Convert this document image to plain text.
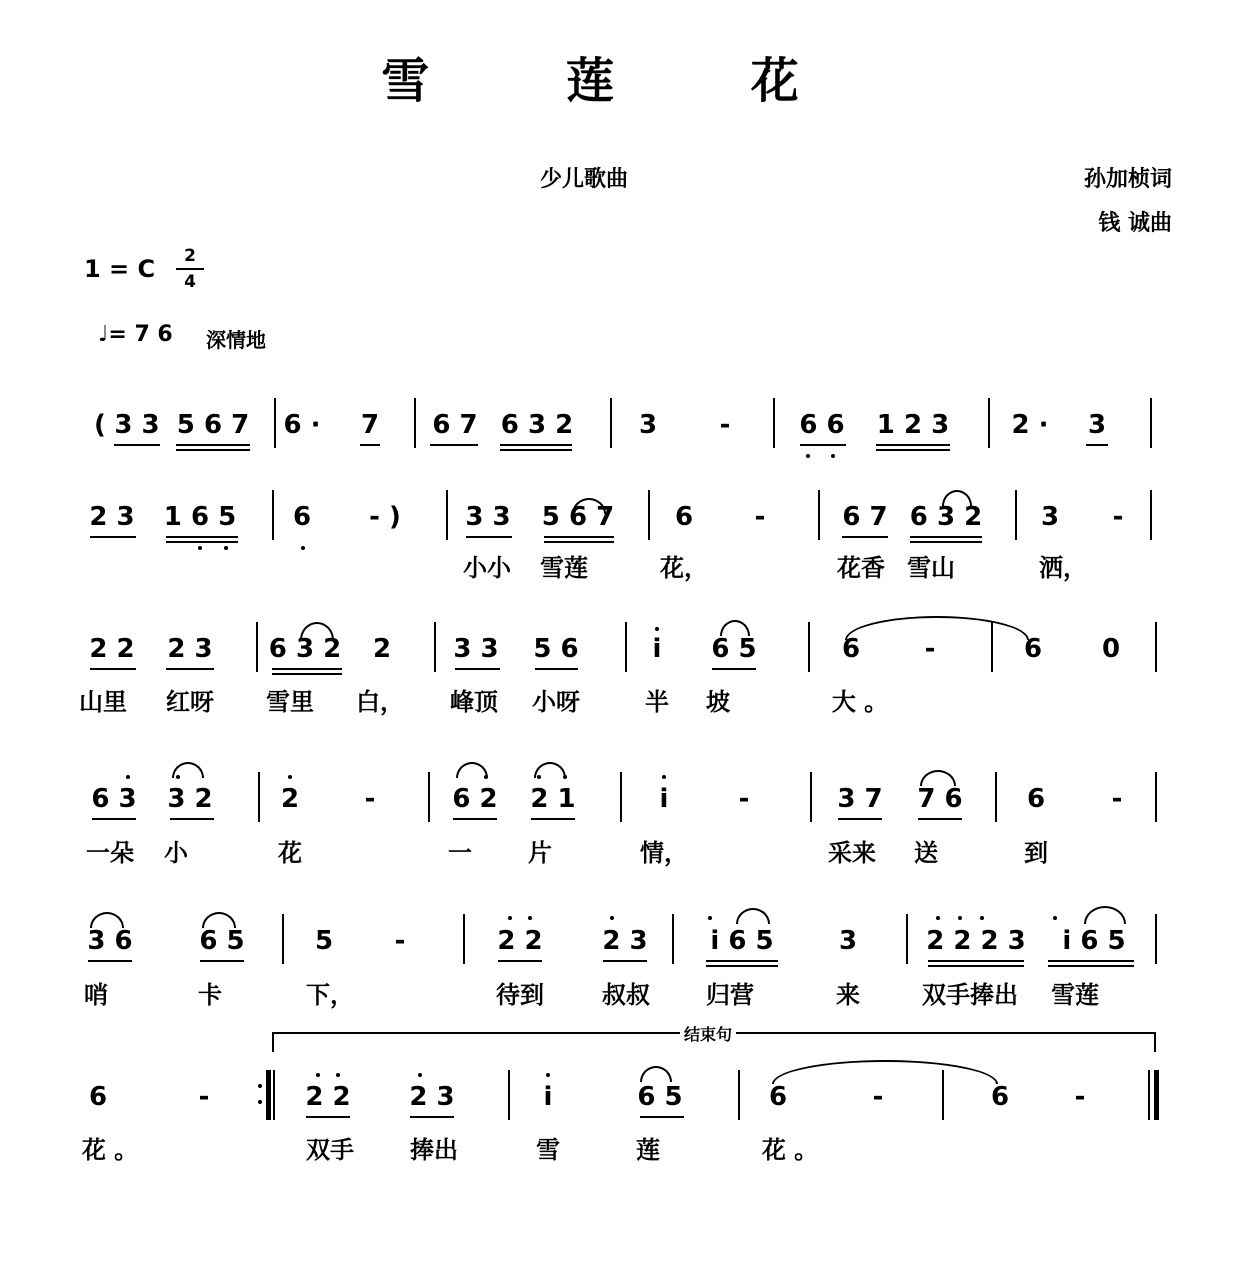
雪 莲 花
少儿歌曲	孙加桢词
钱 诚曲
1 = C	2
4
♩= 7 6 深情地
( 3 3 5 6 7 6 · 7 6 7 6 3 2	3 -	6 6 1 2 3 2 · 3
2 3 1 6 5 6 - ) 3 3 5 6 7 6 -	6 7 6 3 2 3 -
小小 雪莲	花，	花香 雪山	洒，
2 2 2 3 6 3 2 2 3 3 5 6	i 6 5	6 -	6 0
山里 红呀 雪里 白， 峰顶 小呀	半 坡	大 。
6 3 3 2	2	-	6 2 2 1	i	-	3 7 7 6 6	-
一朵 小	花	一 片	情，	采来 送	到
3 6	6 5	5 -	2 2 2 3 i 6 5	3	2 2 2 3 i 6 5
哨	卡	下，	待到 叔叔 归营	来	双手捧出 雪莲
6	-	2 2 2 3	i	6 5	6	-	6	-
花 。	双手 捧出	雪	莲	花 。
结束句
